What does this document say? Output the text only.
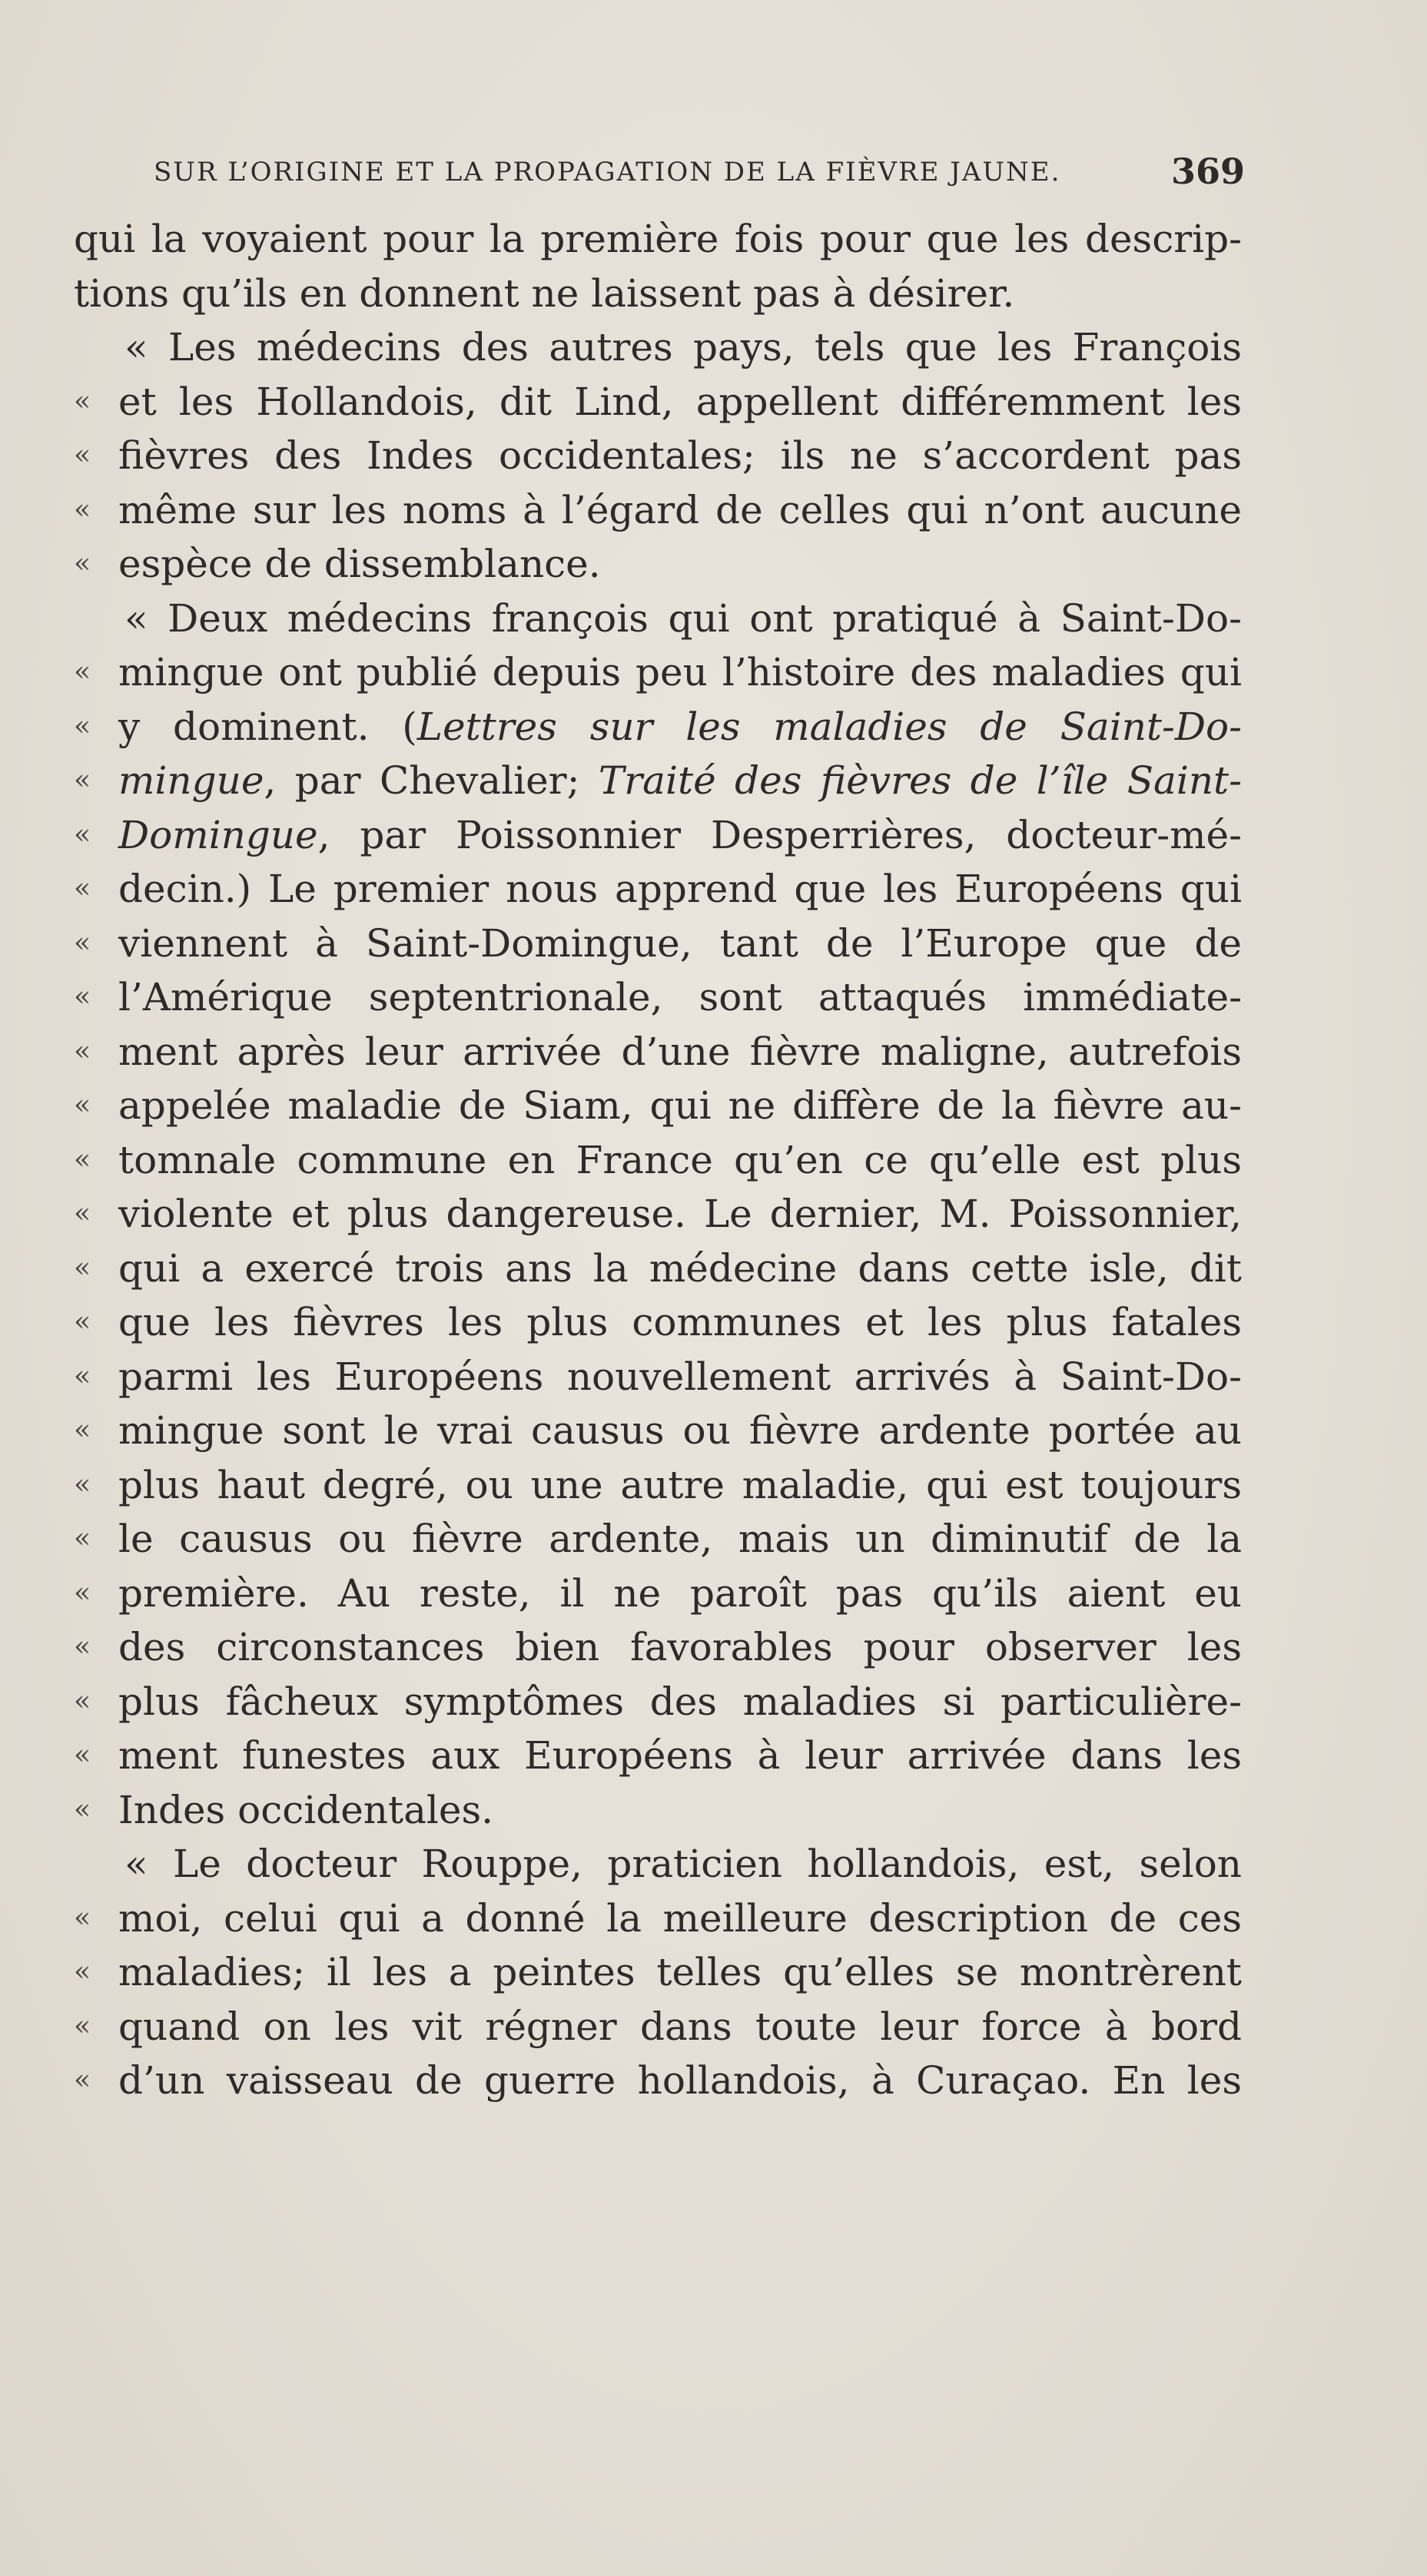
SUR L’ORIGINE ET LA PROPAGATION DE LA FIÈVRE JAUNE.	369
qui la voyaient pour la première fois pour que les descrip-
tions qu’ils en donnent ne laissent pas à désirer.
« Les médecins des autres pays, tels que les François
« et les Hollandois, dit Lind, appellent différemment les
« fièvres des Indes occidentales; ils ne s’accordent pas
« même sur les noms à l’égard de celles qui n’ont aucune
« espèce de dissemblance.
« Deux médecins françois qui ont pratiqué à Saint-Do-
« mingue ont publié depuis peu l’histoire des maladies qui
« y dominent. (Lettres sur les maladies de Saint-Do-
« mingue, par Chevalier; Traité des fièvres de l’île Saint-
« Domingue, par Poissonnier Desperrières, docteur-mé-
« decin.) Le premier nous apprend que les Européens qui
« viennent à Saint-Domingue, tant de l’Europe que de
« l’Amérique septentrionale, sont attaqués immédiate-
« ment après leur arrivée d’une fièvre maligne, autrefois
« appelée maladie de Siam, qui ne diffère de la fièvre au-
« tomnale commune en France qu’en ce qu’elle est plus
« violente et plus dangereuse. Le dernier, M. Poissonnier,
« qui a exercé trois ans la médecine dans cette isle, dit
« que les fièvres les plus communes et les plus fatales
« parmi les Européens nouvellement arrivés à Saint-Do-
« mingue sont le vrai causus ou fièvre ardente portée au
« plus haut degré, ou une autre maladie, qui est toujours
« le causus ou fièvre ardente, mais un diminutif de la
« première. Au reste, il ne paroît pas qu’ils aient eu
« des circonstances bien favorables pour observer les
« plus fâcheux symptômes des maladies si particulière-
« ment funestes aux Européens à leur arrivée dans les
« Indes occidentales.
« Le docteur Rouppe, praticien hollandois, est, selon
« moi, celui qui a donné la meilleure description de ces
« maladies; il les a peintes telles qu’elles se montrèrent
« quand on les vit régner dans toute leur force à bord
« d’un vaisseau de guerre hollandois, à Curaçao. En les
